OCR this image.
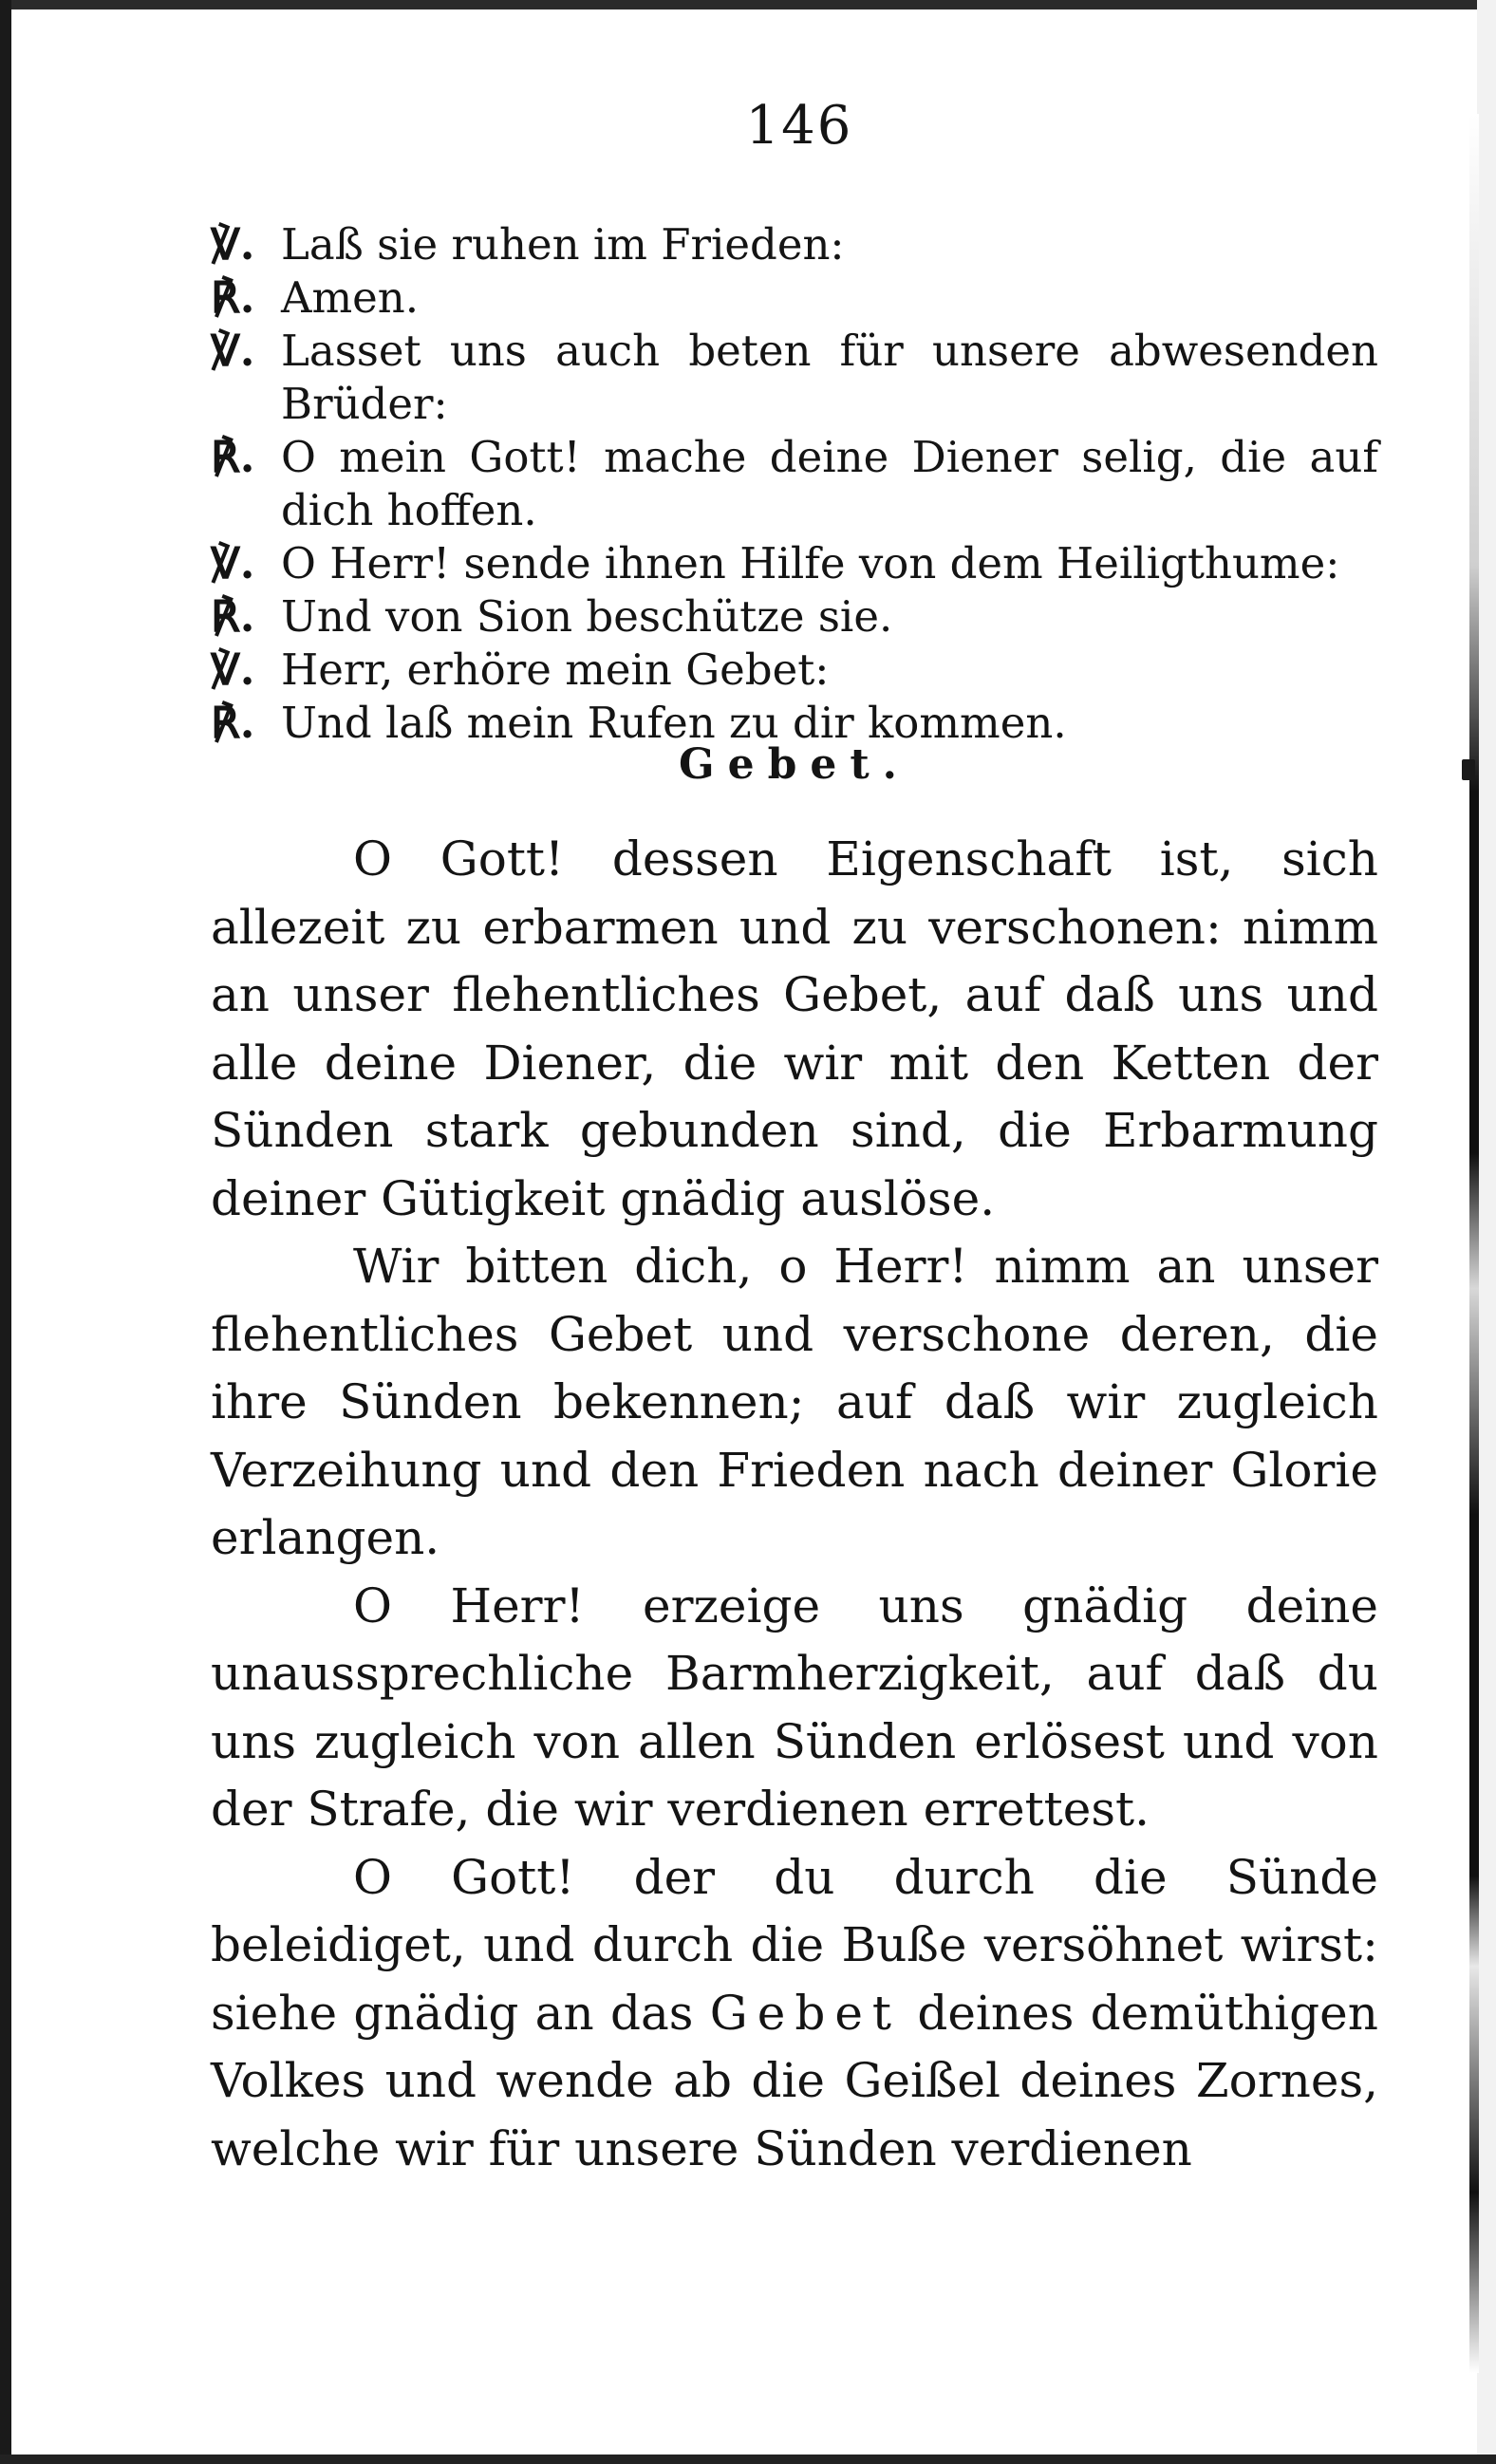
146
℣. Laß sie ruhen im Frieden:
℟. Amen.
℣. Lasset uns auch beten für unsere abwesenden Brüder:
℟. O mein Gott! mache deine Diener selig, die auf dich hoffen.
℣. O Herr! sende ihnen Hilfe von dem Heiligthume:
℟. Und von Sion beschütze sie.
℣. Herr, erhöre mein Gebet:
℟. Und laß mein Rufen zu dir kommen.
Gebet.

O Gott! dessen Eigenschaft ist, sich allezeit zu erbarmen und zu verschonen: nimm an unser flehentliches Gebet, auf daß uns und alle deine Diener, die wir mit den Ketten der Sünden stark gebunden sind, die Erbarmung deiner Gütigkeit gnädig auslöse.

Wir bitten dich, o Herr! nimm an unser flehentliches Gebet und verschone deren, die ihre Sünden bekennen; auf daß wir zugleich Verzeihung und den Frieden nach deiner Glorie erlangen.

O Herr! erzeige uns gnädig deine unaussprechliche Barmherzigkeit, auf daß du uns zugleich von allen Sünden erlösest und von der Strafe, die wir verdienen errettest.

O Gott! der du durch die Sünde beleidiget, und durch die Buße versöhnet wirst: siehe gnädig an das Gebet deines demüthigen Volkes und wende ab die Geißel deines Zornes, welche wir für unsere Sünden verdienen
